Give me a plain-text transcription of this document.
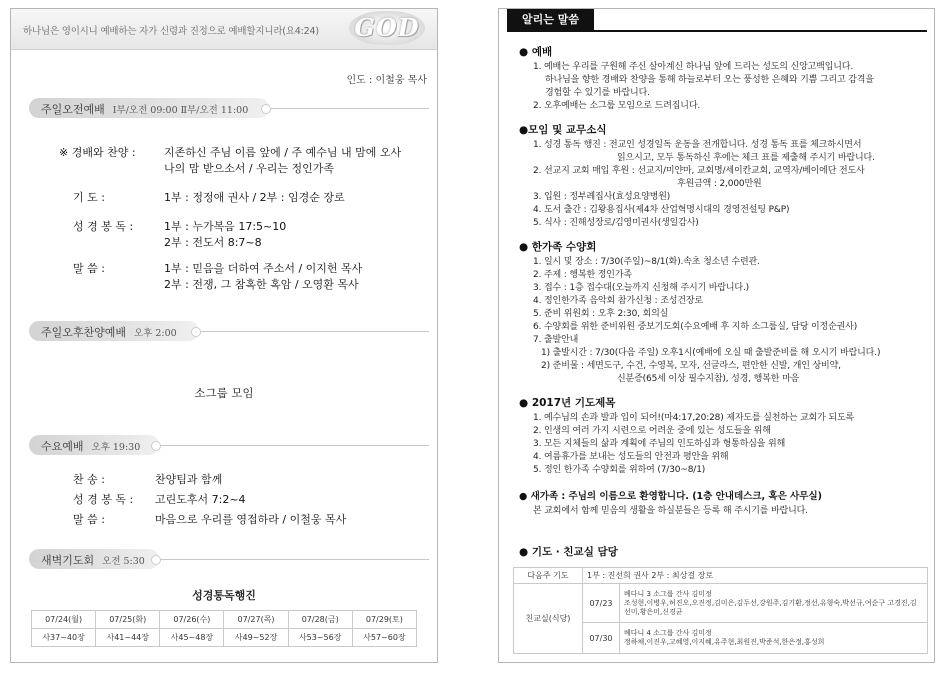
하나님은 영이시니 예배하는 자가 신령과 진정으로 예배할지니라(요4:24) GOD
인도 : 이철웅 목사
주일오전예배 Ⅰ부/오전 09:00 Ⅱ부/오전 11:00
※ 경배와 찬양 :	지존하신 주님 이름 앞에 / 주 예수님 내 맘에 오사
나의 맘 받으소서 / 우리는 정인가족
기 도 :	1부 : 정정애 권사 / 2부 : 임경순 장로
성 경 봉 독 :	1부 : 누가복음 17:5~10
2부 : 전도서 8:7~8
말 씀 :	1부 : 믿음을 더하여 주소서 / 이지헌 목사
2부 : 전쟁, 그 참혹한 혹암 / 오영환 목사
주일오후찬양예배 오후 2:00
소그룹 모임
수요예배 오후 19:30
찬 송 :	찬양팀과 함께
성 경 봉 독 : 고린도후서 7:2~4
말 씀 :	마음으로 우리를 영접하라 / 이철웅 목사
새벽기도회 오전 5:30
성경통독행진
07/24(월)	07/25(화)	07/26(수)	07/27(목)	07/28(금)	07/29(토)
사37~40장	사41~44장	사45~48장	사49~52장	사53~56장	사57~60장
알리는 말씀
● 예배
1. 예배는 우리를 구원해 주신 살아계신 하나님 앞에 드리는 성도의 신앙고백입니다.
하나님을 향한 경배와 찬양을 통해 하늘로부터 오는 풍성한 은혜와 기쁨 그리고 감격을
경험할 수 있기를 바랍니다.
2. 오후예배는 소그룹 모임으로 드려집니다.
●모임 및 교무소식
1. 성경 통독 행진 : 전교인 성경일독 운동을 전개합니다. 성경 통독 표를 체크하시면서
읽으시고, 모두 통독하신 후에는 체크 표를 제출해 주시기 바랍니다.
2. 선교지 교회 매입 후원 : 선교지/미얀마, 교회명/세이칸교회, 교역자/베이에단 전도사
후원금액 : 2,000만원
3. 입원 : 정부례집사(효성요양병원)
4. 도서 출간 : 김왕용집사(제4차 산업혁명시대의 경영전설팅 P&P)
5. 식사 : 진해성장로/김영미권사(생일감사)
● 한가족 수양회
1. 일시 및 장소 : 7/30(주일)~8/1(화).속초 청소년 수련관.
2. 주제 : 행복한 정인가족
3. 접수 : 1층 접수대(오늘까지 신청해 주시기 바랍니다.)
4. 정인한가족 음악회 참가신청 : 조성건장로
5. 준비 위원회 : 오후 2:30, 회의실
6. 수양회를 위한 준비위원 중보기도회(수요예배 후 지하 소그룹실, 담당 이정순권사)
7. 출발안내
1) 출발시간 : 7/30(다음 주일) 오후1시(예배에 오실 때 출발준비를 해 오시기 바랍니다.)
2) 준비물 : 세면도구, 수건, 수영복, 모자, 선글라스, 편안한 신발, 개인 상비약,
신분증(65세 이상 필수지참), 성경, 행복한 마음
● 2017년 기도제목
1. 예수님의 손과 발과 입이 되어!(마4:17,20:28) 제자도를 실천하는 교회가 되도록
2. 인생의 여러 가지 시련으로 어려운 중에 있는 성도들을 위해
3. 모든 지체들의 삶과 계획에 주님의 인도하심과 형통하심을 위해
4. 여름휴가를 보내는 성도들의 안전과 평안을 위해
5. 정인 한가족 수양회를 위하여 (7/30~8/1)
● 새가족 : 주님의 이름으로 환영합니다. (1층 안내데스크, 혹은 사무실)
본 교회에서 함께 믿음의 생활을 하실분들은 등록 해 주시기를 바랍니다.
● 기도 · 친교실 담당
다음주 기도	1부 : 진선희 권사 2부 : 최상걸 장로	
친교실(식당)	07/23	베다니 3 소그룹 간사 김미정
조성현,이병우,허진오,오진정,김미은,김두선,강원주,김기환,정선,유형숙,박선규,여순구 고경진,김선미,황은미,신경균

	07/30	베다니 4 소그룹 간사 김미정
정하체,이진우,고혜영,이지혜,유주현,최원진,박준석,한은정,홍성희
